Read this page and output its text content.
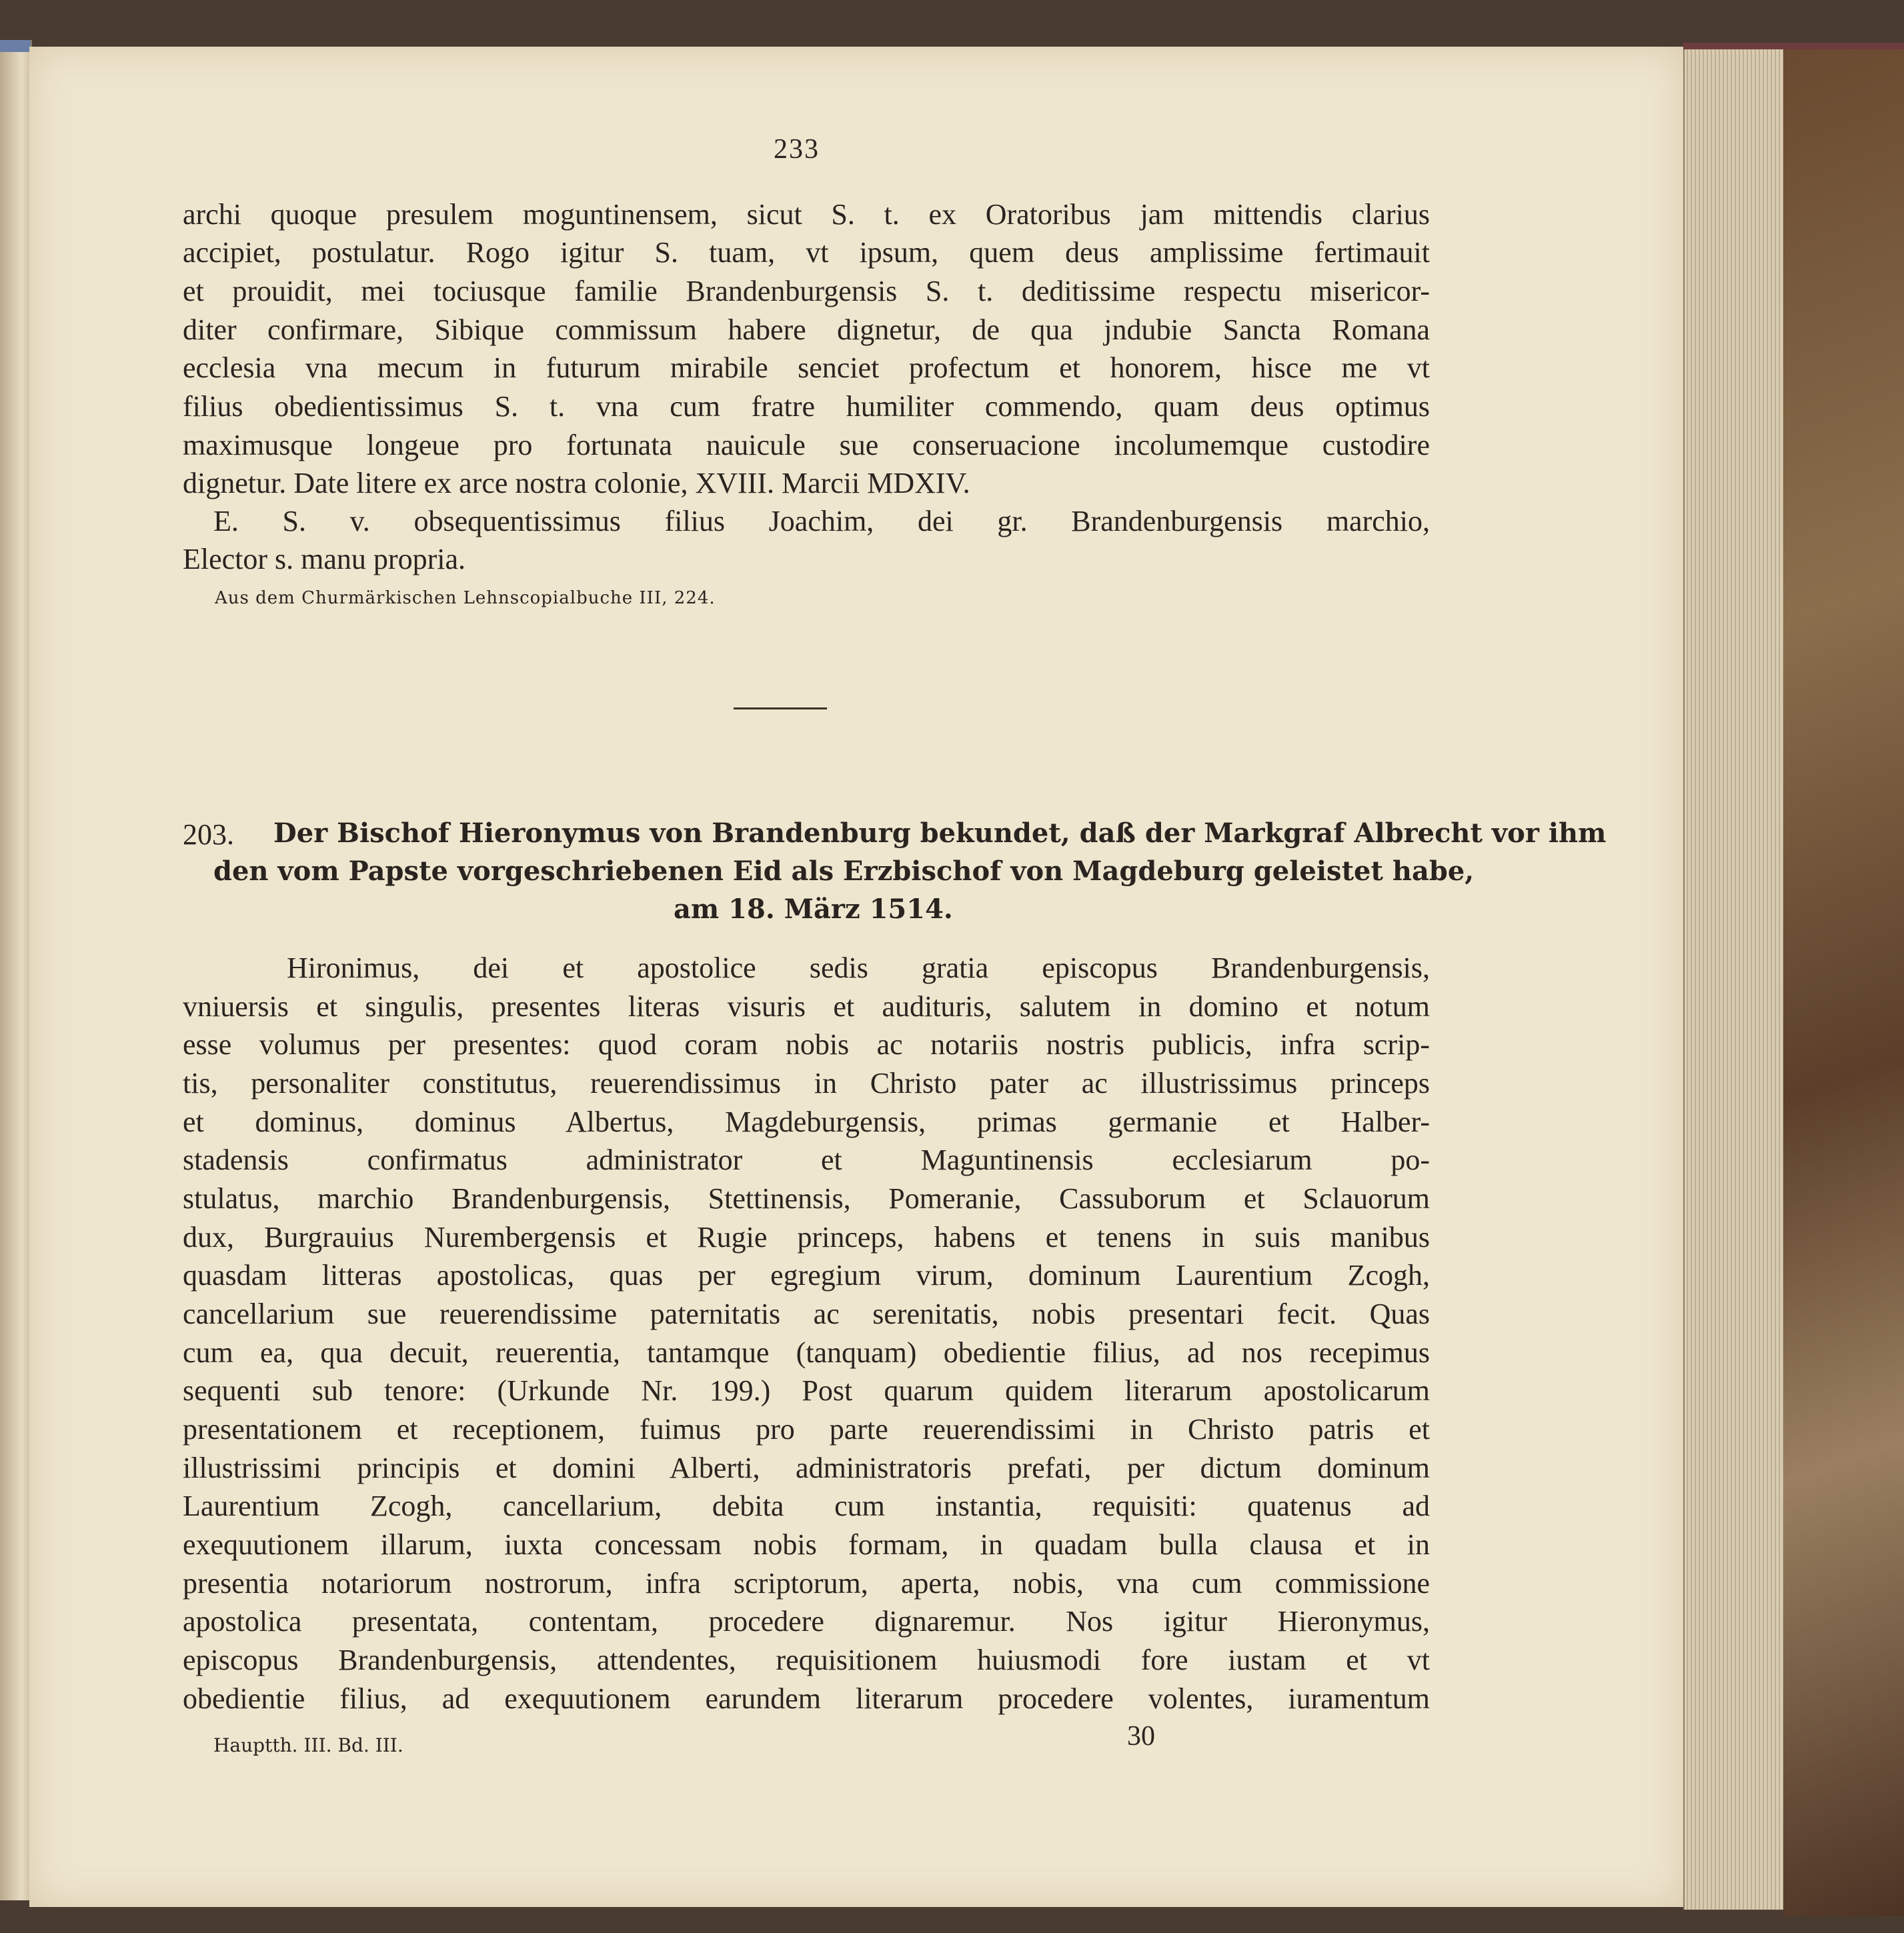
233
archi quoque presulem moguntinensem, sicut S. t. ex Oratoribus jam mittendis clarius
accipiet, postulatur. Rogo igitur S. tuam, vt ipsum, quem deus amplissime fertimauit
et prouidit, mei tociusque familie Brandenburgensis S. t. deditissime respectu misericor-
diter confirmare, Sibique commissum habere dignetur, de qua jndubie Sancta Romana
ecclesia vna mecum in futurum mirabile senciet profectum et honorem, hisce me vt
filius obedientissimus S. t. vna cum fratre humiliter commendo, quam deus optimus
maximusque longeue pro fortunata nauicule sue conseruacione incolumemque custodire
dignetur. Date litere ex arce nostra colonie, XVIII. Marcii MDXIV.
E. S. v. obsequentissimus filius Joachim, dei gr. Brandenburgensis marchio,
Elector s. manu propria.
Aus dem Churmärkischen Lehnscopialbuche III, 224.
203. Der Bischof Hieronymus von Brandenburg bekundet, daß der Markgraf Albrecht vor ihm
den vom Papste vorgeschriebenen Eid als Erzbischof von Magdeburg geleistet habe,
am 18. März 1514.
Hironimus, dei et apostolice sedis gratia episcopus Brandenburgensis,
vniuersis et singulis, presentes literas visuris et audituris, salutem in domino et notum
esse volumus per presentes: quod coram nobis ac notariis nostris publicis, infra scrip-
tis, personaliter constitutus, reuerendissimus in Christo pater ac illustrissimus princeps
et dominus, dominus Albertus, Magdeburgensis, primas germanie et Halber-
stadensis confirmatus administrator et Maguntinensis ecclesiarum po-
stulatus, marchio Brandenburgensis, Stettinensis, Pomeranie, Cassuborum et Sclauorum
dux, Burgrauius Nurembergensis et Rugie princeps, habens et tenens in suis manibus
quasdam litteras apostolicas, quas per egregium virum, dominum Laurentium Zcogh,
cancellarium sue reuerendissime paternitatis ac serenitatis, nobis presentari fecit. Quas
cum ea, qua decuit, reuerentia, tantamque (tanquam) obedientie filius, ad nos recepimus
sequenti sub tenore: (Urkunde Nr. 199.) Post quarum quidem literarum apostolicarum
presentationem et receptionem, fuimus pro parte reuerendissimi in Christo patris et
illustrissimi principis et domini Alberti, administratoris prefati, per dictum dominum
Laurentium Zcogh, cancellarium, debita cum instantia, requisiti: quatenus ad
exequutionem illarum, iuxta concessam nobis formam, in quadam bulla clausa et in
presentia notariorum nostrorum, infra scriptorum, aperta, nobis, vna cum commissione
apostolica presentata, contentam, procedere dignaremur. Nos igitur Hieronymus,
episcopus Brandenburgensis, attendentes, requisitionem huiusmodi fore iustam et vt
obedientie filius, ad exequutionem earundem literarum procedere volentes, iuramentum
Hauptth. III. Bd. III.	30
